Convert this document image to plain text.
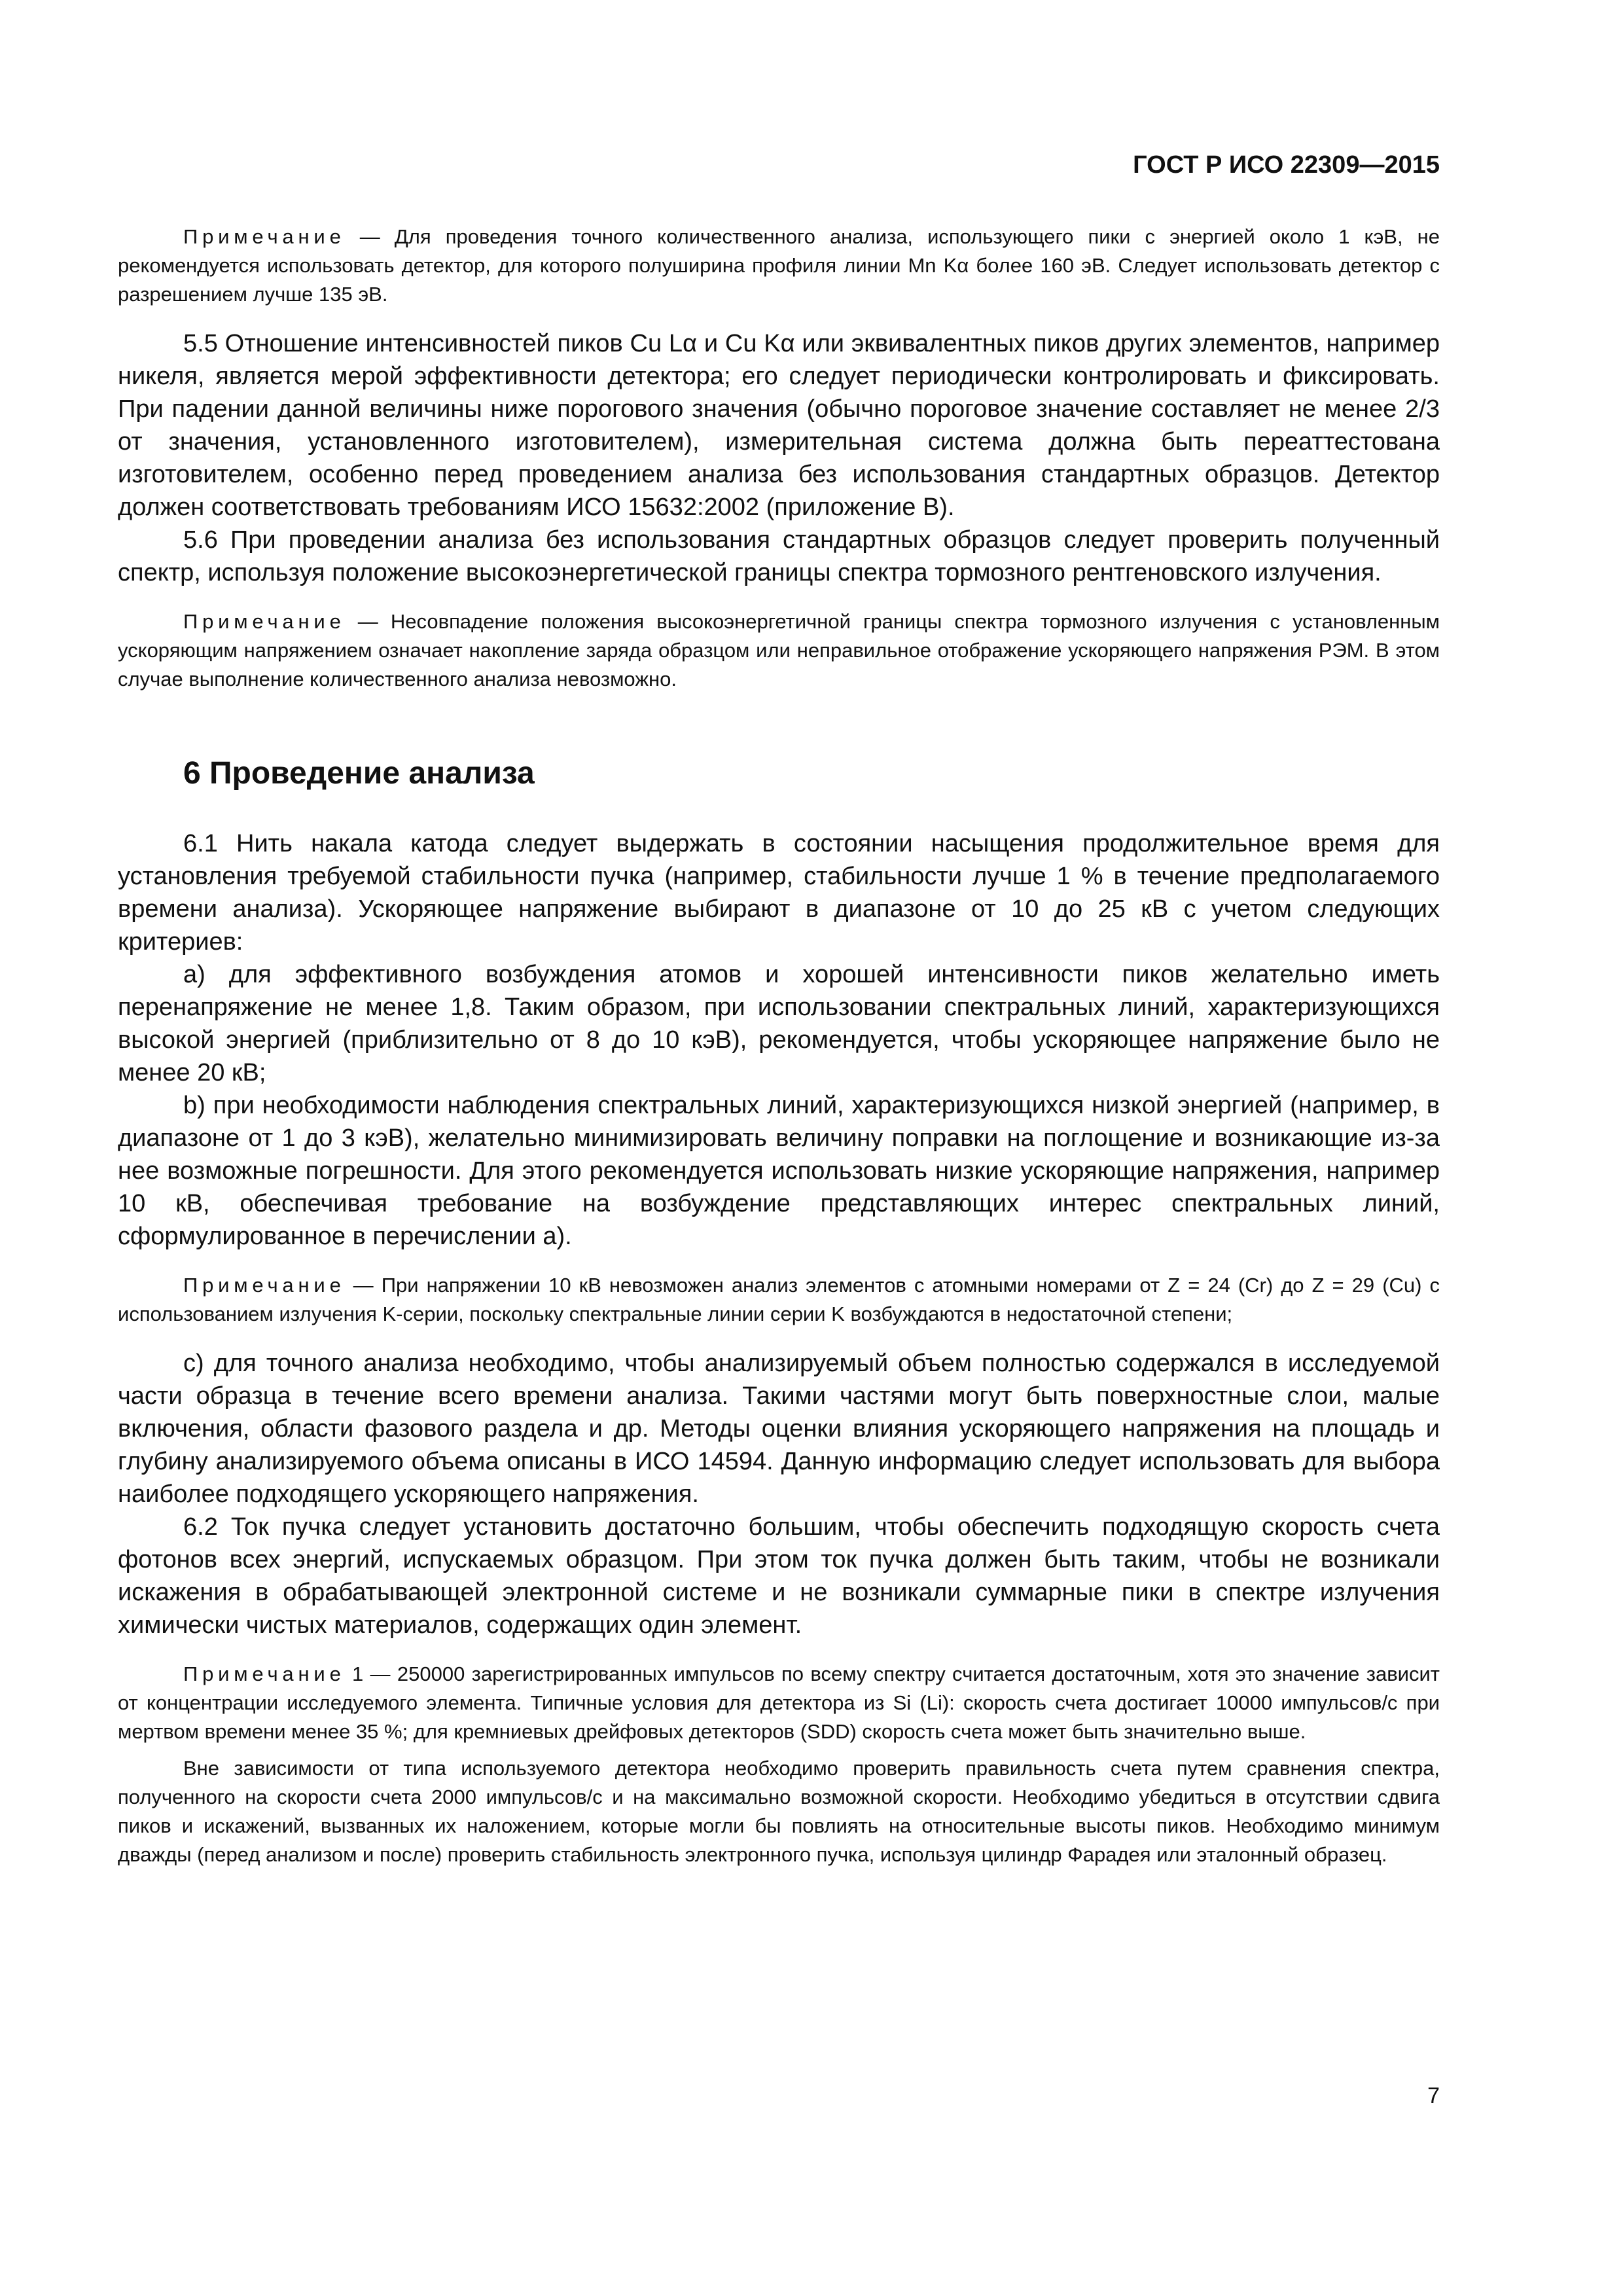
ГОСТ Р ИСО 22309—2015

Примечание — Для проведения точного количественного анализа, использующего пики с энергией около 1 кэВ, не рекомендуется использовать детектор, для которого полуширина профиля линии Mn Kα более 160 эВ. Следует использовать детектор с разрешением лучше 135 эВ.

5.5 Отношение интенсивностей пиков Cu Lα и Cu Kα или эквивалентных пиков других элементов, например никеля, является мерой эффективности детектора; его следует периодически контролировать и фиксировать. При падении данной величины ниже порогового значения (обычно пороговое значение составляет не менее 2/3 от значения, установленного изготовителем), измерительная система должна быть переаттестована изготовителем, особенно перед проведением анализа без использования стандартных образцов. Детектор должен соответствовать требованиям ИСО 15632:2002 (приложение В).

5.6 При проведении анализа без использования стандартных образцов следует проверить полученный спектр, используя положение высокоэнергетической границы спектра тормозного рентгеновского излучения.

Примечание — Несовпадение положения высокоэнергетичной границы спектра тормозного излучения с установленным ускоряющим напряжением означает накопление заряда образцом или неправильное отображение ускоряющего напряжения РЭМ. В этом случае выполнение количественного анализа невозможно.

6 Проведение анализа

6.1 Нить накала катода следует выдержать в состоянии насыщения продолжительное время для установления требуемой стабильности пучка (например, стабильности лучше 1 % в течение предполагаемого времени анализа). Ускоряющее напряжение выбирают в диапазоне от 10 до 25 кВ с учетом следующих критериев:

a) для эффективного возбуждения атомов и хорошей интенсивности пиков желательно иметь перенапряжение не менее 1,8. Таким образом, при использовании спектральных линий, характеризующихся высокой энергией (приблизительно от 8 до 10 кэВ), рекомендуется, чтобы ускоряющее напряжение было не менее 20 кВ;

b) при необходимости наблюдения спектральных линий, характеризующихся низкой энергией (например, в диапазоне от 1 до 3 кэВ), желательно минимизировать величину поправки на поглощение и возникающие из-за нее возможные погрешности. Для этого рекомендуется использовать низкие ускоряющие напряжения, например 10 кВ, обеспечивая требование на возбуждение представляющих интерес спектральных линий, сформулированное в перечислении а).

Примечание — При напряжении 10 кВ невозможен анализ элементов с атомными номерами от Z = 24 (Cr) до Z = 29 (Cu) с использованием излучения K-серии, поскольку спектральные линии серии K возбуждаются в недостаточной степени;

c) для точного анализа необходимо, чтобы анализируемый объем полностью содержался в исследуемой части образца в течение всего времени анализа. Такими частями могут быть поверхностные слои, малые включения, области фазового раздела и др. Методы оценки влияния ускоряющего напряжения на площадь и глубину анализируемого объема описаны в ИСО 14594. Данную информацию следует использовать для выбора наиболее подходящего ускоряющего напряжения.

6.2 Ток пучка следует установить достаточно большим, чтобы обеспечить подходящую скорость счета фотонов всех энергий, испускаемых образцом. При этом ток пучка должен быть таким, чтобы не возникали искажения в обрабатывающей электронной системе и не возникали суммарные пики в спектре излучения химически чистых материалов, содержащих один элемент.

Примечание 1 — 250000 зарегистрированных импульсов по всему спектру считается достаточным, хотя это значение зависит от концентрации исследуемого элемента. Типичные условия для детектора из Si (Li): скорость счета достигает 10000 импульсов/с при мертвом времени менее 35 %; для кремниевых дрейфовых детекторов (SDD) скорость счета может быть значительно выше.

Вне зависимости от типа используемого детектора необходимо проверить правильность счета путем сравнения спектра, полученного на скорости счета 2000 импульсов/с и на максимально возможной скорости. Необходимо убедиться в отсутствии сдвига пиков и искажений, вызванных их наложением, которые могли бы повлиять на относительные высоты пиков. Необходимо минимум дважды (перед анализом и после) проверить стабильность электронного пучка, используя цилиндр Фарадея или эталонный образец.

7
